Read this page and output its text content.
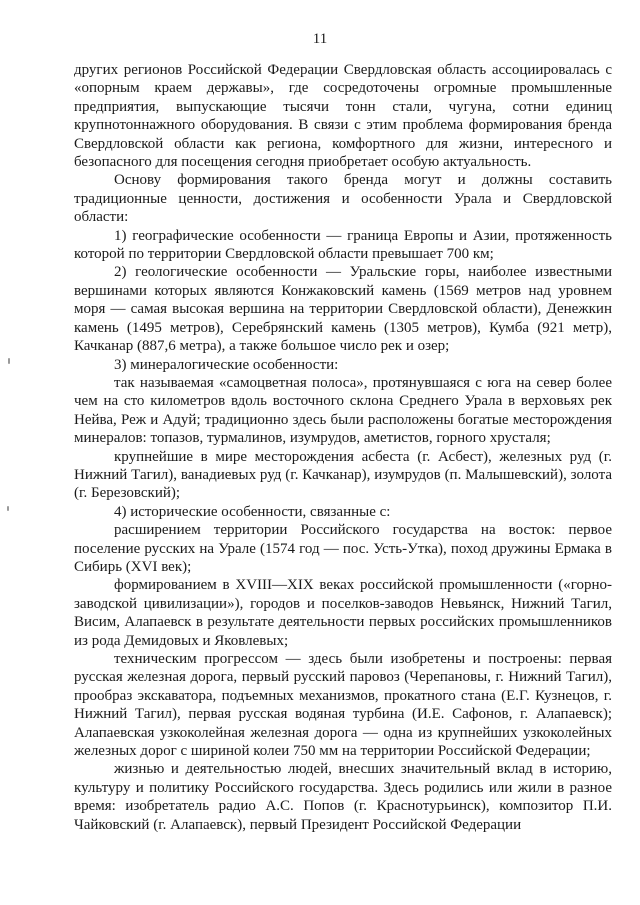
11

других регионов Российской Федерации Свердловская область ассоциировалась с «опорным краем державы», где сосредоточены огромные промышленные предприятия, выпускающие тысячи тонн стали, чугуна, сотни единиц крупнотоннажного оборудования. В связи с этим проблема формирования бренда Свердловской области как региона, комфортного для жизни, интересного и безопасного для посещения сегодня приобретает особую актуальность.

Основу формирования такого бренда могут и должны составить традиционные ценности, достижения и особенности Урала и Свердловской области:

1) географические особенности — граница Европы и Азии, протяженность которой по территории Свердловской области превышает 700 км;

2) геологические особенности — Уральские горы, наиболее известными вершинами которых являются Конжаковский камень (1569 метров над уровнем моря — самая высокая вершина на территории Свердловской области), Денежкин камень (1495 метров), Серебрянский камень (1305 метров), Кумба (921 метр), Качканар (887,6 метра), а также большое число рек и озер;

3) минералогические особенности:

так называемая «самоцветная полоса», протянувшаяся с юга на север более чем на сто километров вдоль восточного склона Среднего Урала в верховьях рек Нейва, Реж и Адуй; традиционно здесь были расположены богатые месторождения минералов: топазов, турмалинов, изумрудов, аметистов, горного хрусталя;

крупнейшие в мире месторождения асбеста (г. Асбест), железных руд (г. Нижний Тагил), ванадиевых руд (г. Качканар), изумрудов (п. Малышевский), золота (г. Березовский);

4) исторические особенности, связанные с:

расширением территории Российского государства на восток: первое поселение русских на Урале (1574 год — пос. Усть-Утка), поход дружины Ермака в Сибирь (XVI век);

формированием в XVIII—XIX веках российской промышленности («горно-заводской цивилизации»), городов и поселков-заводов Невьянск, Нижний Тагил, Висим, Алапаевск в результате деятельности первых российских промышленников из рода Демидовых и Яковлевых;

техническим прогрессом — здесь были изобретены и построены: первая русская железная дорога, первый русский паровоз (Черепановы, г. Нижний Тагил), прообраз экскаватора, подъемных механизмов, прокатного стана (Е.Г. Кузнецов, г. Нижний Тагил), первая русская водяная турбина (И.Е. Сафонов, г. Алапаевск); Алапаевская узкоколейная железная дорога — одна из крупнейших узкоколейных железных дорог с шириной колеи 750 мм на территории Российской Федерации;

жизнью и деятельностью людей, внесших значительный вклад в историю, культуру и политику Российского государства. Здесь родились или жили в разное время: изобретатель радио А.С. Попов (г. Краснотурьинск), композитор П.И. Чайковский (г. Алапаевск), первый Президент Российской Федерации
